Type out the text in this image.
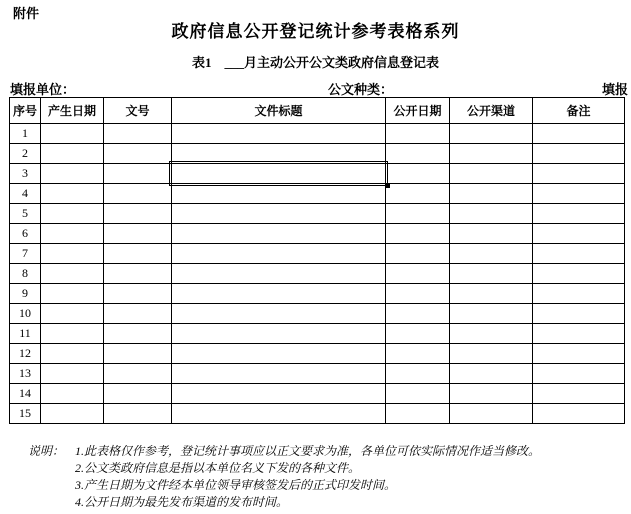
附件
政府信息公开登记统计参考表格系列
表1　___月主动公开公文类政府信息登记表
填报单位：	公文种类：	填报
序号	产生日期	文号	文件标题	公开日期	公开渠道	备注
1						
2						
3			

4						
5						
6						
7						
8						
9						
10						
11						
12						
13						
14						
15						
说明： 1.此表格仅作参考，登记统计事项应以正文要求为准，各单位可依实际情况作适当修改。
2.公文类政府信息是指以本单位名义下发的各种文件。
3.产生日期为文件经本单位领导审核签发后的正式印发时间。
4.公开日期为最先发布渠道的发布时间。
